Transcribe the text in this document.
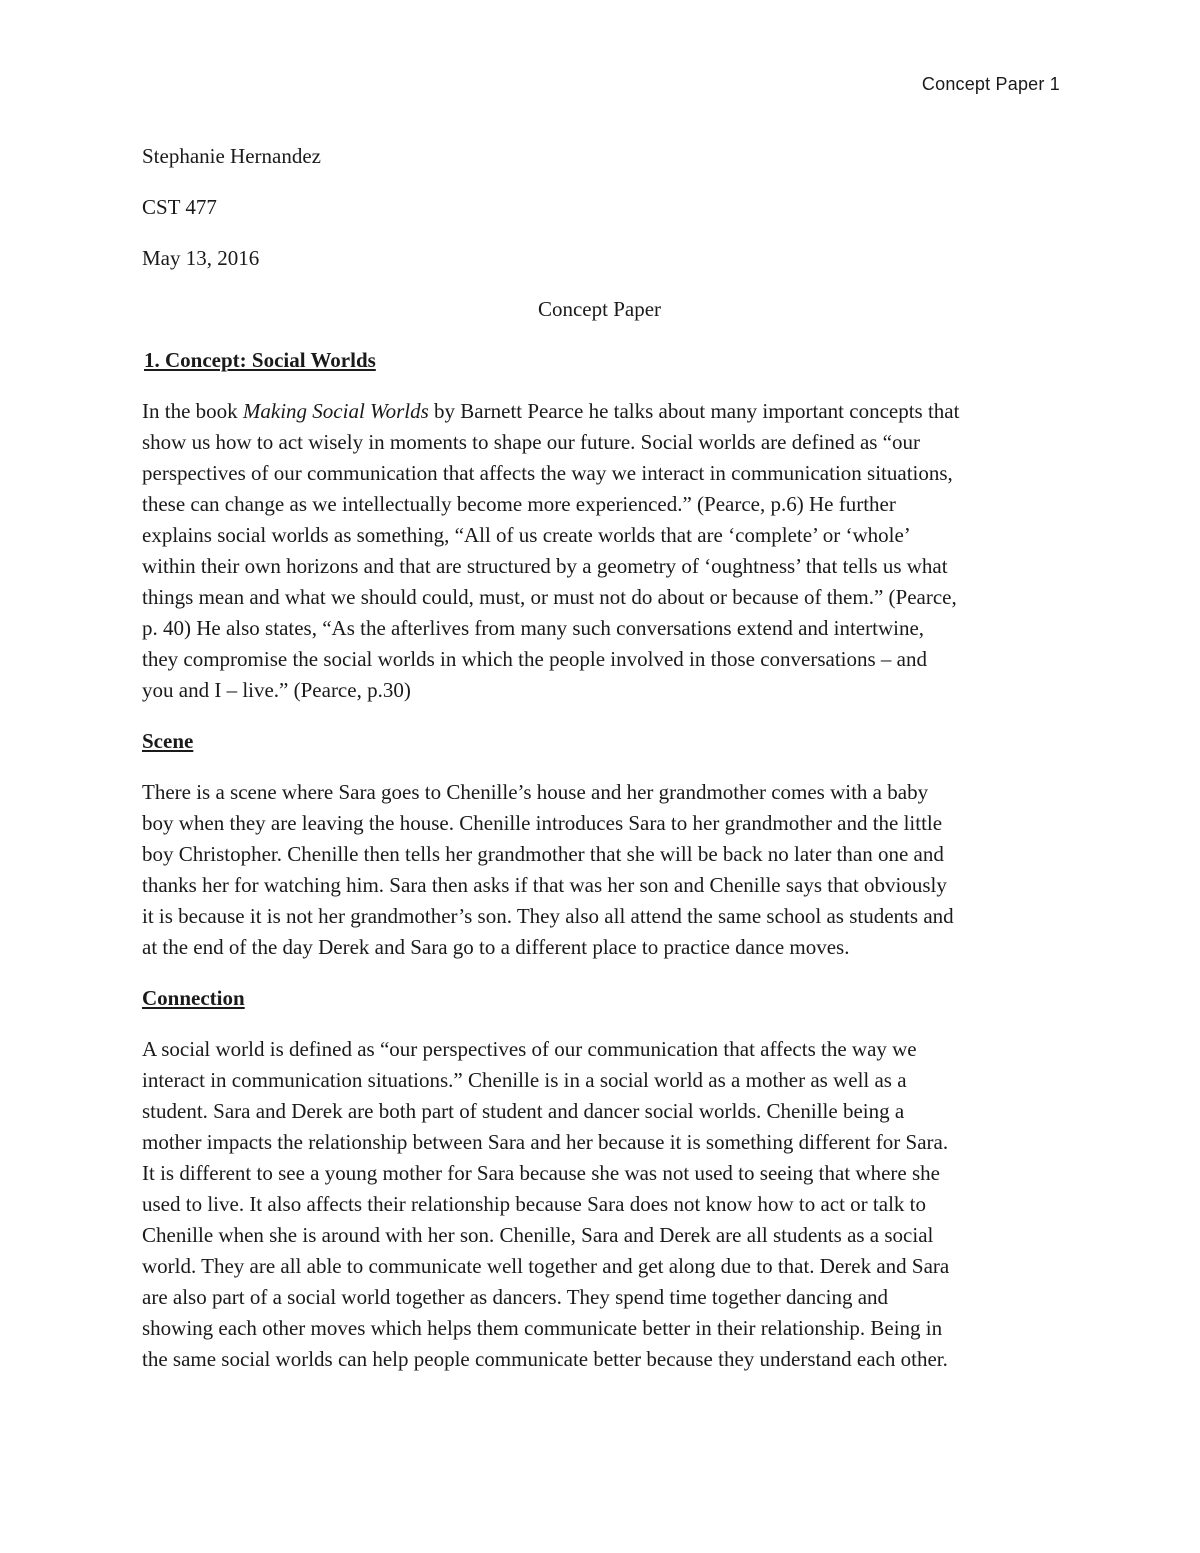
Concept Paper 1
Stephanie Hernandez
CST 477
May 13, 2016
Concept Paper
1. Concept: Social Worlds
In the book Making Social Worlds by Barnett Pearce he talks about many important concepts that
show us how to act wisely in moments to shape our future. Social worlds are defined as “our
perspectives of our communication that affects the way we interact in communication situations,
these can change as we intellectually become more experienced.” (Pearce, p.6) He further
explains social worlds as something, “All of us create worlds that are ‘complete’ or ‘whole’
within their own horizons and that are structured by a geometry of ‘oughtness’ that tells us what
things mean and what we should could, must, or must not do about or because of them.” (Pearce,
p. 40) He also states, “As the afterlives from many such conversations extend and intertwine,
they compromise the social worlds in which the people involved in those conversations – and
you and I – live.” (Pearce, p.30)
Scene
There is a scene where Sara goes to Chenille’s house and her grandmother comes with a baby
boy when they are leaving the house. Chenille introduces Sara to her grandmother and the little
boy Christopher. Chenille then tells her grandmother that she will be back no later than one and
thanks her for watching him. Sara then asks if that was her son and Chenille says that obviously
it is because it is not her grandmother’s son. They also all attend the same school as students and
at the end of the day Derek and Sara go to a different place to practice dance moves.
Connection
A social world is defined as “our perspectives of our communication that affects the way we
interact in communication situations.” Chenille is in a social world as a mother as well as a
student. Sara and Derek are both part of student and dancer social worlds. Chenille being a
mother impacts the relationship between Sara and her because it is something different for Sara.
It is different to see a young mother for Sara because she was not used to seeing that where she
used to live. It also affects their relationship because Sara does not know how to act or talk to
Chenille when she is around with her son. Chenille, Sara and Derek are all students as a social
world. They are all able to communicate well together and get along due to that. Derek and Sara
are also part of a social world together as dancers. They spend time together dancing and
showing each other moves which helps them communicate better in their relationship. Being in
the same social worlds can help people communicate better because they understand each other.
